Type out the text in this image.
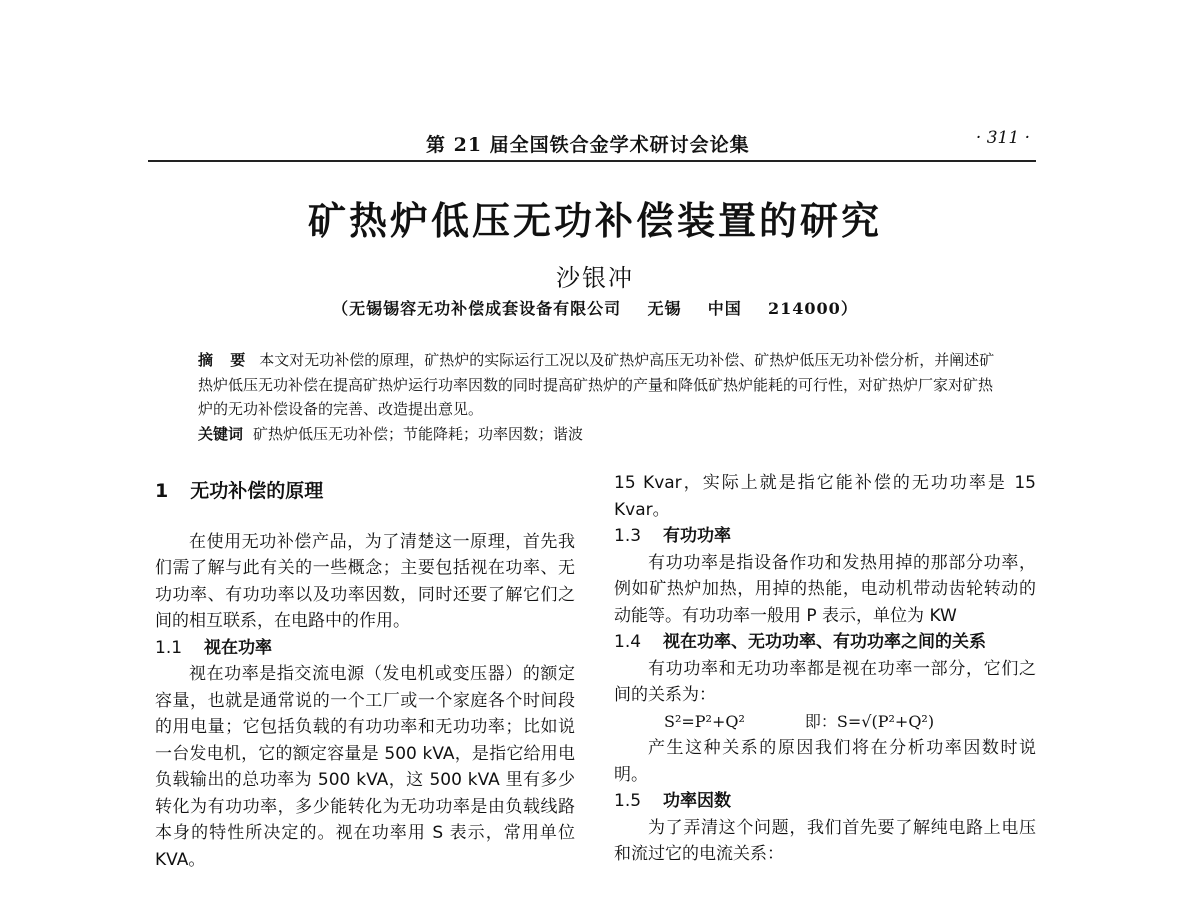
第 21 届全国铁合金学术研讨会论集	· 311 ·
矿热炉低压无功补偿装置的研究
沙银冲
（无锡锡容无功补偿成套设备有限公司    无锡    中国    214000）
摘 要 本文对无功补偿的原理，矿热炉的实际运行工况以及矿热炉高压无功补偿、矿热炉低压无功补偿分析，并阐述矿热炉低压无功补偿在提高矿热炉运行功率因数的同时提高矿热炉的产量和降低矿热炉能耗的可行性，对矿热炉厂家对矿热炉的无功补偿设备的完善、改造提出意见。
关键词 矿热炉低压无功补偿；节能降耗；功率因数；谐波
1 无功补偿的原理

在使用无功补偿产品，为了清楚这一原理，首先我们需了解与此有关的一些概念；主要包括视在功率、无功功率、有功功率以及功率因数，同时还要了解它们之间的相互联系，在电路中的作用。

1.1 视在功率

视在功率是指交流电源（发电机或变压器）的额定容量，也就是通常说的一个工厂或一个家庭各个时间段的用电量；它包括负载的有功功率和无功功率；比如说一台发电机，它的额定容量是 500 kVA，是指它给用电负载输出的总功率为 500 kVA，这 500 kVA 里有多少转化为有功功率，多少能转化为无功功率是由负载线路本身的特性所决定的。视在功率用 S 表示，常用单位 KVA。

15 Kvar，实际上就是指它能补偿的无功功率是 15 Kvar。

1.3 有功功率

有功功率是指设备作功和发热用掉的那部分功率，例如矿热炉加热，用掉的热能，电动机带动齿轮转动的动能等。有功功率一般用 P 表示，单位为 KW

1.4 视在功率、无功功率、有功功率之间的关系

有功功率和无功功率都是视在功率一部分，它们之间的关系为：

S²=P²+Q²	即：S=√(P²+Q²)

产生这种关系的原因我们将在分析功率因数时说明。

1.5 功率因数

为了弄清这个问题，我们首先要了解纯电路上电压和流过它的电流关系：
